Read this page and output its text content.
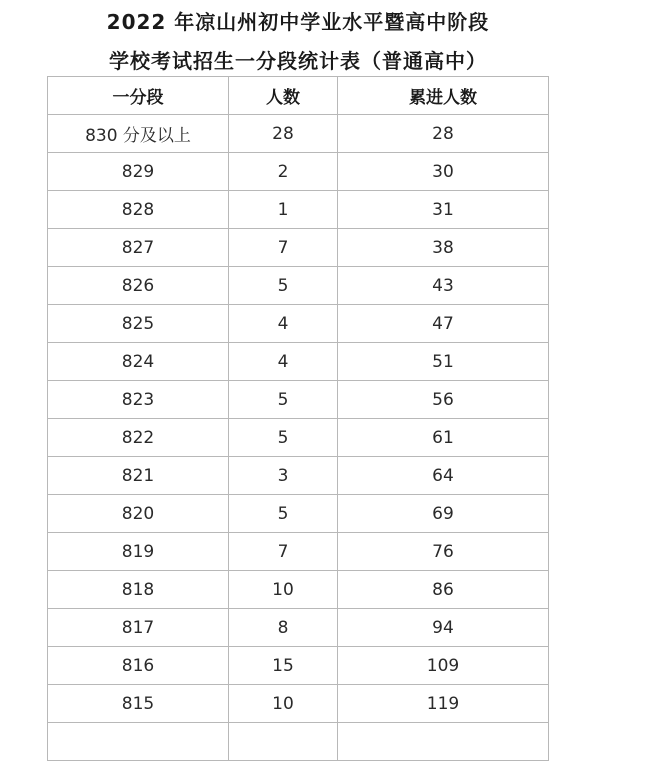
2022 年凉山州初中学业水平暨高中阶段
学校考试招生一分段统计表（普通高中）
一分段	人数	累进人数
830 分及以上	28	28
829	2	30
828	1	31
827	7	38
826	5	43
825	4	47
824	4	51
823	5	56
822	5	61
821	3	64
820	5	69
819	7	76
818	10	86
817	8	94
816	15	109
815	10	119
